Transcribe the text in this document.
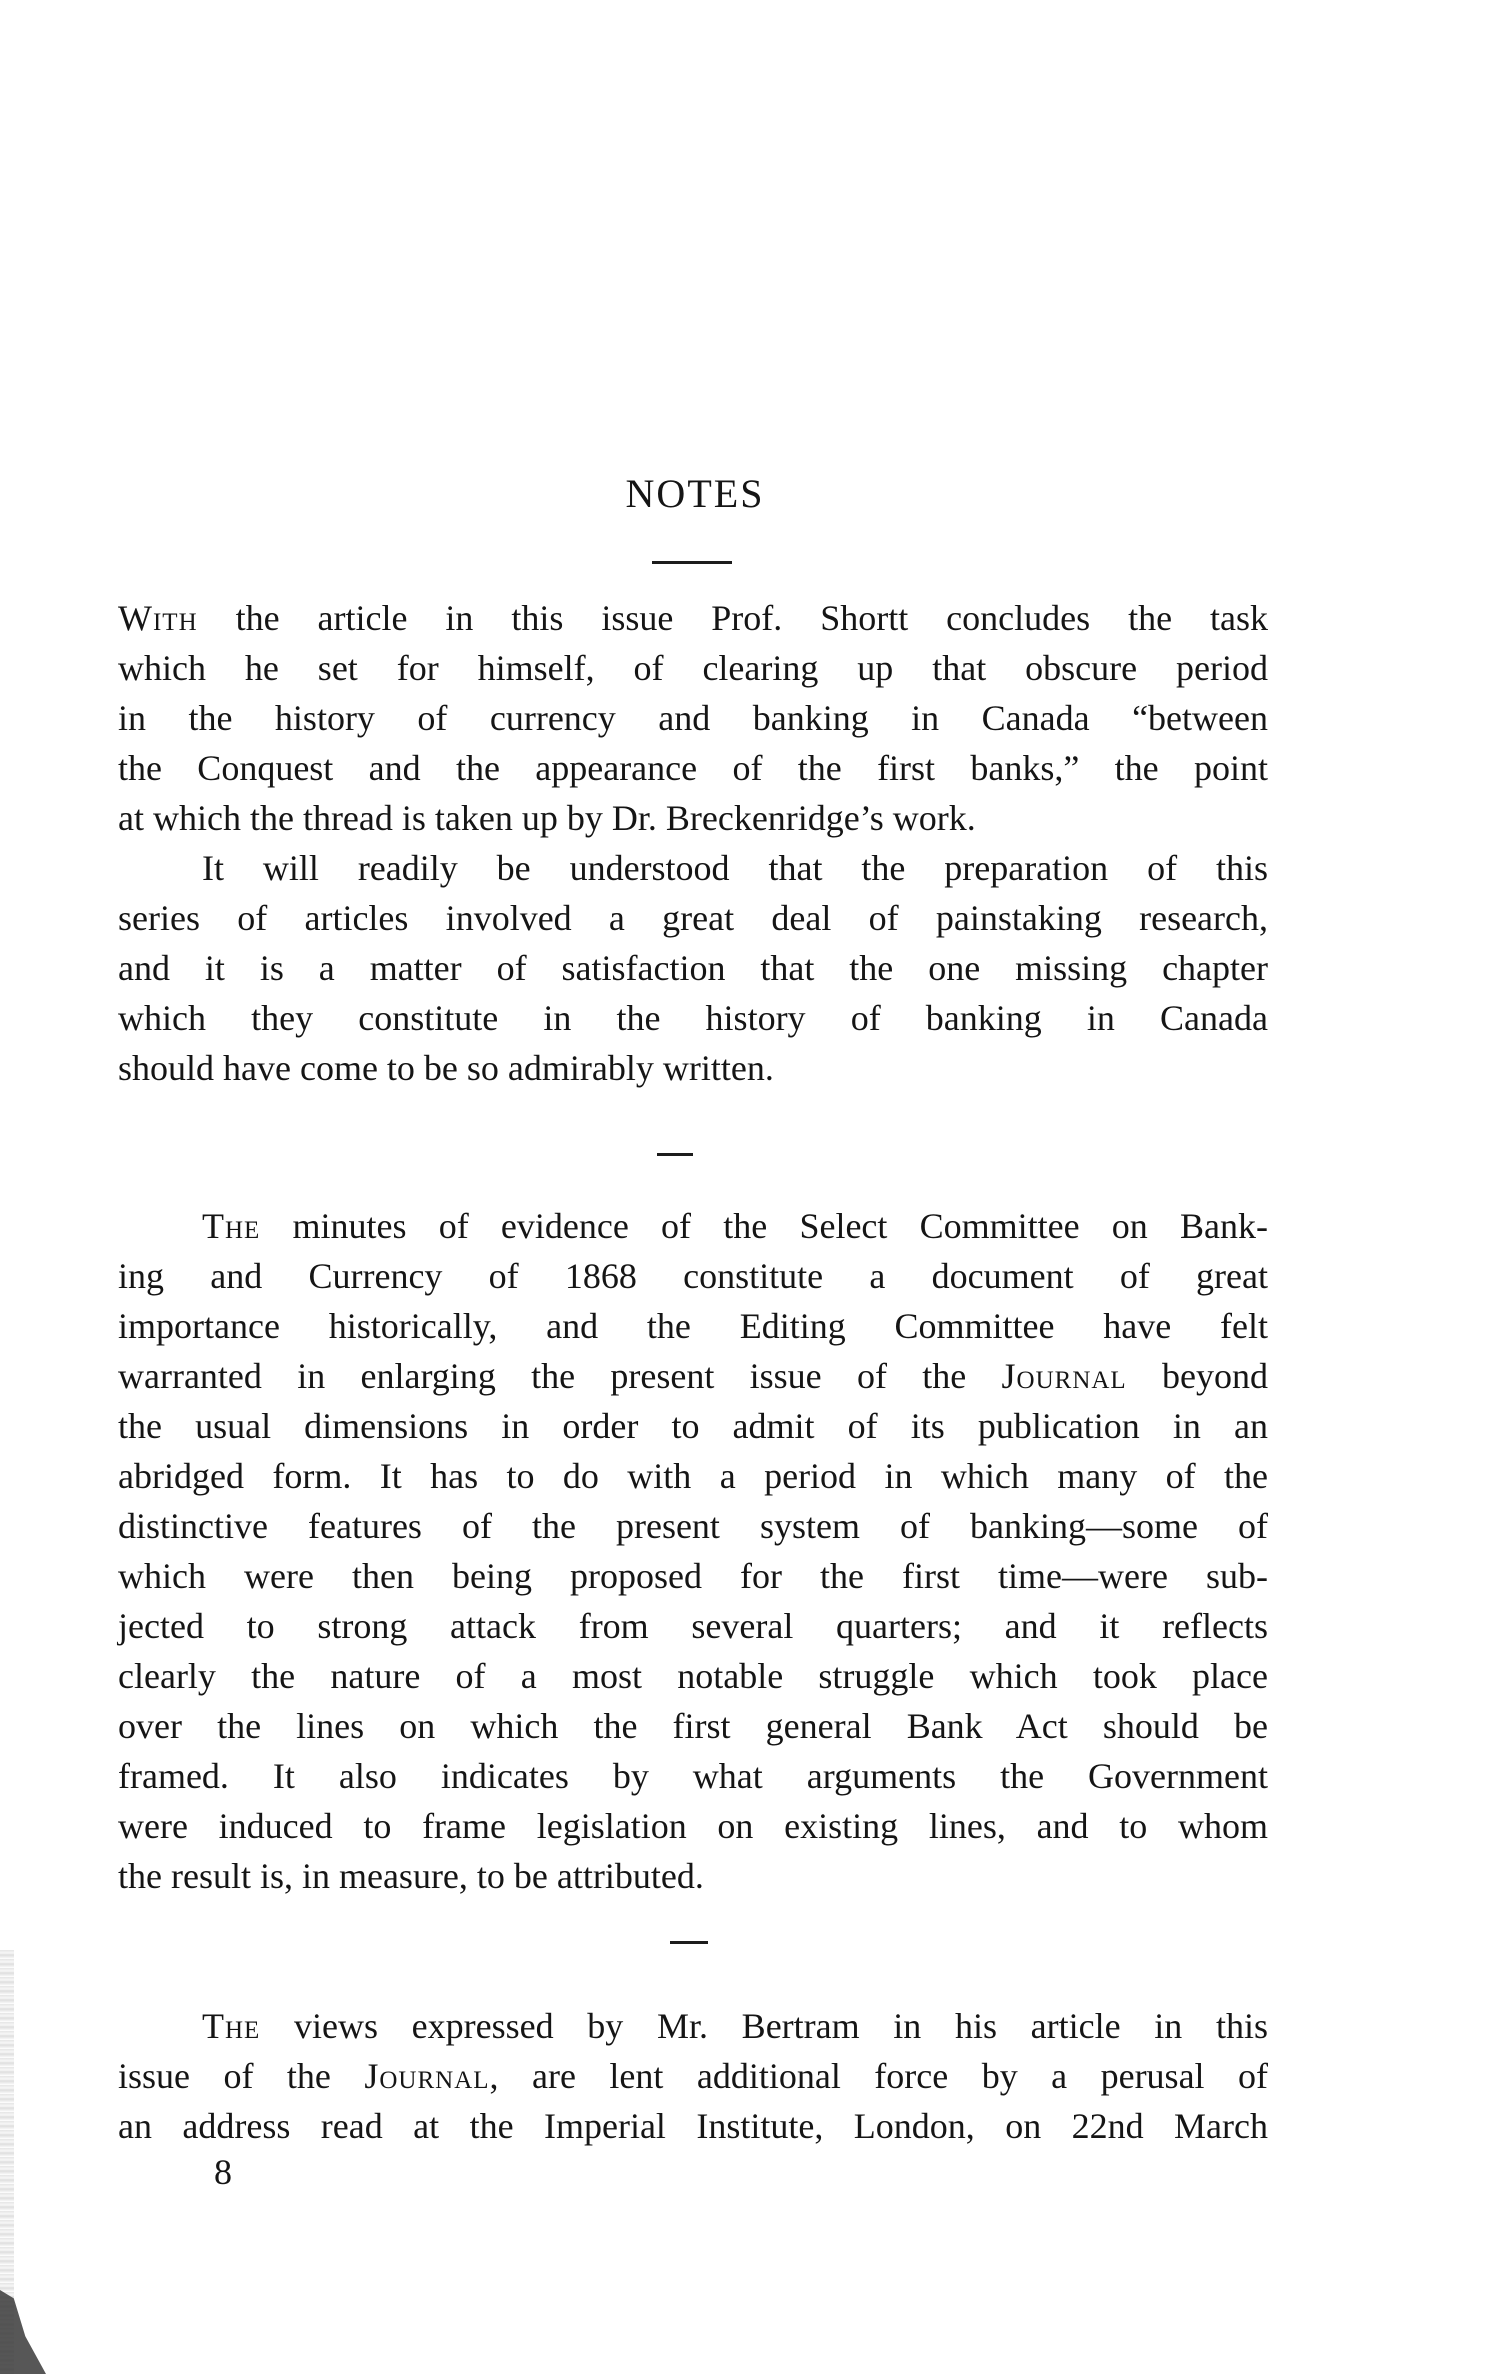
NOTES
With the article in this issue Prof. Shortt concludes the task
which he set for himself, of clearing up that obscure period
in the history of currency and banking in Canada “between
the Conquest and the appearance of the first banks,” the point
at which the thread is taken up by Dr. Breckenridge’s work.
It will readily be understood that the preparation of this
series of articles involved a great deal of painstaking research,
and it is a matter of satisfaction that the one missing chapter
which they constitute in the history of banking in Canada
should have come to be so admirably written.
The minutes of evidence of the Select Committee on Bank-
ing and Currency of 1868 constitute a document of great
importance historically, and the Editing Committee have felt
warranted in enlarging the present issue of the Journal beyond
the usual dimensions in order to admit of its publication in an
abridged form. It has to do with a period in which many of the
distinctive features of the present system of banking—some of
which were then being proposed for the first time—were sub-
jected to strong attack from several quarters; and it reflects
clearly the nature of a most notable struggle which took place
over the lines on which the first general Bank Act should be
framed. It also indicates by what arguments the Government
were induced to frame legislation on existing lines, and to whom
the result is, in measure, to be attributed.
The views expressed by Mr. Bertram in his article in this
issue of the Journal, are lent additional force by a perusal of
an address read at the Imperial Institute, London, on 22nd March
8
